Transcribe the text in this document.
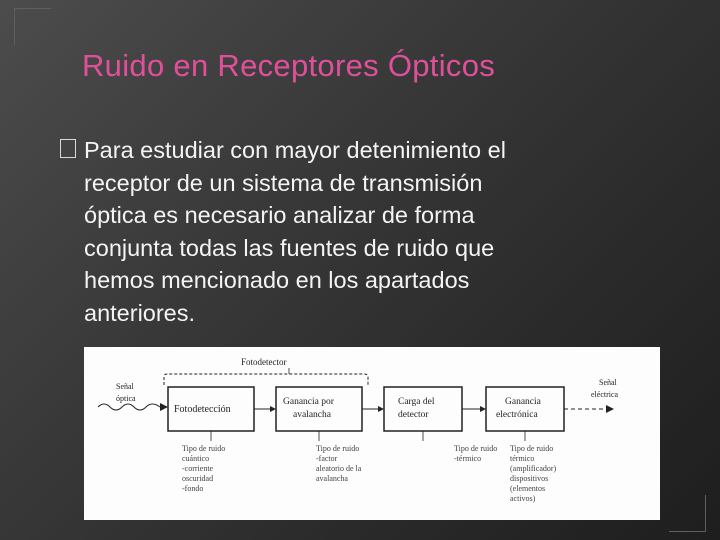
Ruido en Receptores Ópticos
Para estudiar con mayor detenimiento el
receptor de un sistema de transmisión
óptica es necesario analizar de forma
conjunta todas las fuentes de ruido que
hemos mencionado en los apartados
anteriores.
Fotodetector
Señal
óptica
Fotodetección
Ganancia por
avalancha
Carga del
detector
Ganancia
electrónica
Señal
eléctrica
Tipo de ruido
cuántico
-corriente
oscuridad
-fondo
Tipo de ruido
-factor
aleatorio de la
avalancha
Tipo de ruido
-térmico
Tipo de ruido
térmico
(amplificador)
dispositivos
(elementos
activos)
